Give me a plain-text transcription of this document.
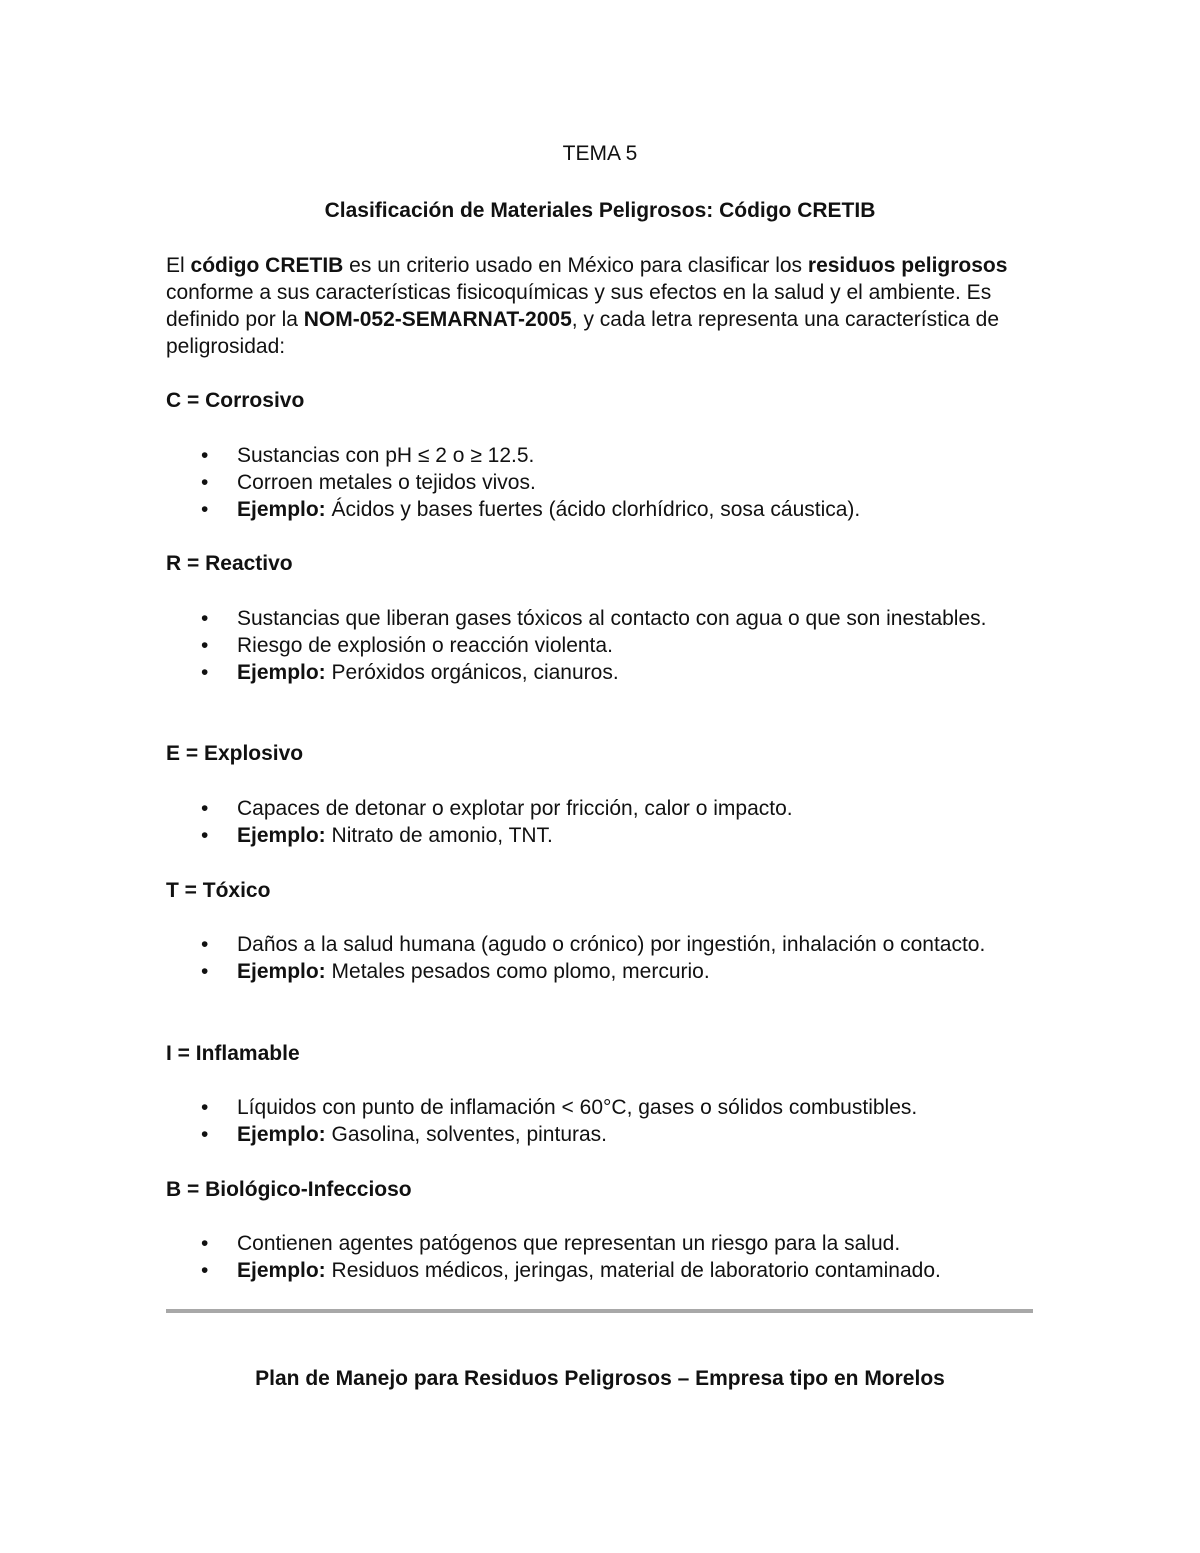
TEMA 5

Clasificación de Materiales Peligrosos: Código CRETIB

El código CRETIB es un criterio usado en México para clasificar los residuos peligrosos conforme a sus características fisicoquímicas y sus efectos en la salud y el ambiente. Es definido por la NOM-052-SEMARNAT-2005, y cada letra representa una característica de peligrosidad:

C = Corrosivo

• Sustancias con pH ≤ 2 o ≥ 12.5.
• Corroen metales o tejidos vivos.
• Ejemplo: Ácidos y bases fuertes (ácido clorhídrico, sosa cáustica).

R = Reactivo

• Sustancias que liberan gases tóxicos al contacto con agua o que son inestables.
• Riesgo de explosión o reacción violenta.
• Ejemplo: Peróxidos orgánicos, cianuros.

E = Explosivo

• Capaces de detonar o explotar por fricción, calor o impacto.
• Ejemplo: Nitrato de amonio, TNT.

T = Tóxico

• Daños a la salud humana (agudo o crónico) por ingestión, inhalación o contacto.
• Ejemplo: Metales pesados como plomo, mercurio.

I = Inflamable

• Líquidos con punto de inflamación < 60°C, gases o sólidos combustibles.
• Ejemplo: Gasolina, solventes, pinturas.

B = Biológico-Infeccioso

• Contienen agentes patógenos que representan un riesgo para la salud.
• Ejemplo: Residuos médicos, jeringas, material de laboratorio contaminado.

Plan de Manejo para Residuos Peligrosos – Empresa tipo en Morelos
